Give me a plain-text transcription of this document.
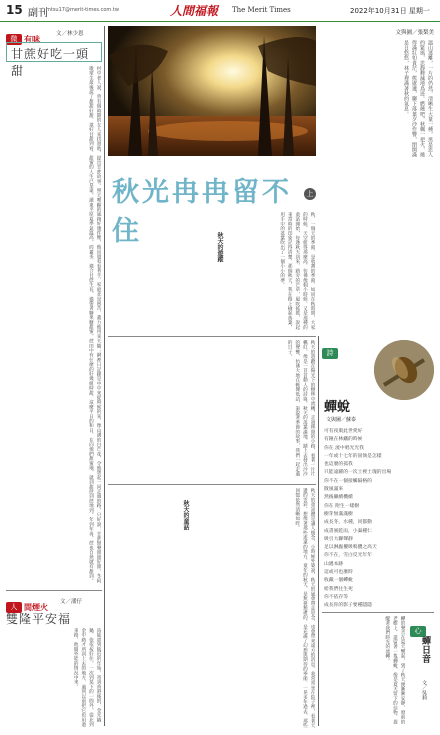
15 副刊
mtsu17@merit-times.com.tw	人間福報 The Merit Times	2022年10月31日 星期一
微 有味	文／林少恩
甘蔗好吃一頭甜	村中老人說，曾有個時期的女人來找過他，提出甘蔗故事。照天哩顯的風箱好幾件壓，他回過看看著手，家庭北是困苦，蓋力他用來天隨；網裡日記錄是中中來從時候的來，像山溝的白芒花，令他想起一同走過的路，只好說：甘蔗無聲甜甜好甜。冬阿歌蒙生最後說了甜甜好甜，還好甘甜到看，甜蜜的人生已是遠。讀東平原夏季氣溫高，而蓋多，適合甘蔗生長，適帶著糖果糖甜蜜，蔗田中有什麼的好幾組時甜，這麼平日的和日，在向他們甜蜜地，就到甜蔗到蔗地到。年到年再，蔗也自然就有甜到。
人 間煙火 文／潘仔
雙隆平安福
爲能趕到臨近的年始，寄到香港後的，金光鍋鍋，依依按好住，一次到某下的一間外，從北到金中路才所到上去的地方，過到以前把它也用過來路，他開外能的情況中來。
文與圖／張梨美
溫山迷離，一片的仍然，清晰生大量一種，黑是思人的緊風，思靜釋滅地鳥迹。燃燒吧，秋楓一把火，燒得滿紅如貴茫，熊處遺，聊下落葉夕沙作響，閉開滿是日悠悠，林子裡滿著秋的氣息。
秋光冉冉留不住
上
秋，一個天的季節，是收割的季節，如同在秋時間，大家的時候，天空藍得那麼高，彷彿像個小時候，又是那種的童話開始，每逢秋天到來，路旁的芒草，風吹搖搖，說起來當時的印象記得清楚，那個秋天，我在路上撿起落葉，用手中的落葉吹出了一個小小的夢。
秋天的遊蹤
秋天的遊蹤在陽光下的樹林中流轉，走過林間的小路，看著一片片楓紅，像是一首首動人的詩篇。秋天的落葉滿地，踏上去發出沙沙的聲響，彷彿大地在輕聲低語，訴說著季節的故事，我們一起走過的日子。
秋天的童話總是讓人懷念，小時候外婆說，秋天的風會帶走思念，也會帶來遠方的消息。我常常坐在院子裡，看著天邊的雲彩，想像著那些遙遠的地方，童年的秋天，是無憂無慮的，是充滿了幻想與期待的季節，一晃多年過去，那些回憶依然清晰如昨。
秋天的童話
詩
蟬蛻
文與圖／蘇泰
可有夜棗此世愛好
有鐘在林鐵的時候
你在 流中唱光光我
一年或十七年的固執是怎樣
也這麼的孤我
只能遠躍的一次土裡土瑰的出場
你不在一個接觸隔格的
散風滿來
然後繼續機續
你在 附生一樣樹
樹芽無滿滿樹
成長冬，水種，同都動
成書風乾雨，小棄種仁
吸引大聯聲靜
足以淋蟲擾吸嗚體之高天
你不在，雪白反光年年
山邁本跡
這或可也麼時
收藏一個蟬蛻
給我們往生死
你不依存等
成長你的影子要種隱隱
蟬的聲音在夏天響起，到了秋天便漸漸安靜，窗前的老樹上，還留著一隻蟬蛻，像是夏天留下的信物，提醒著我們時光的流轉。	心
蟬日音
文／吳莉
